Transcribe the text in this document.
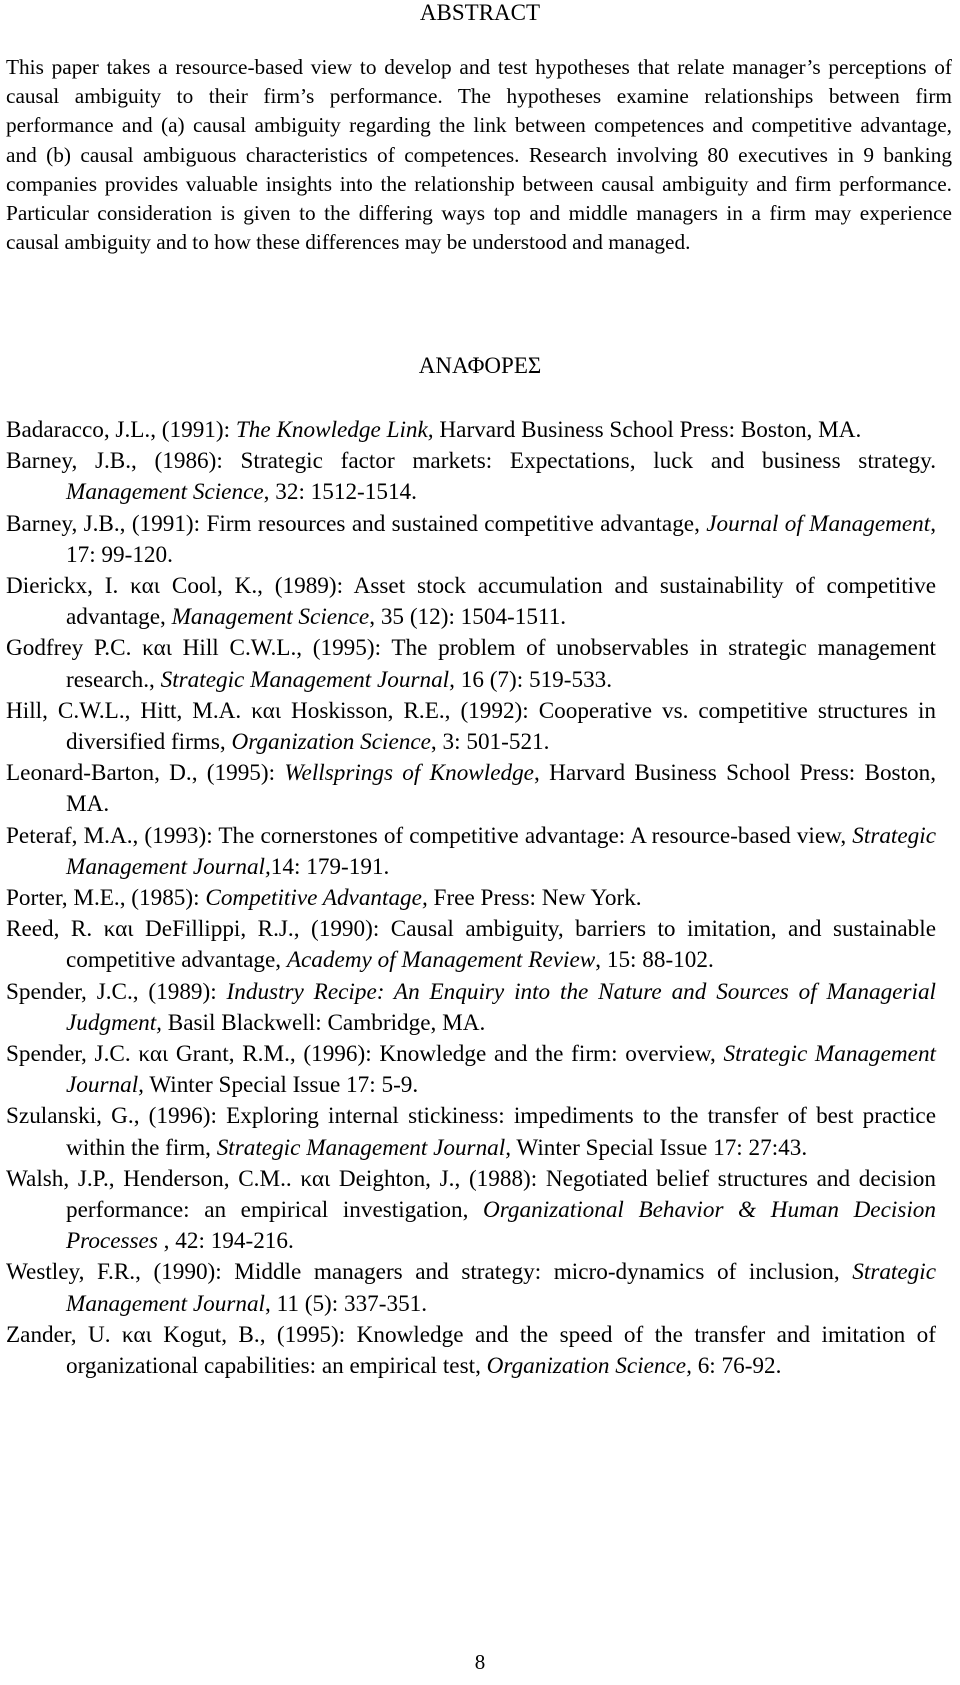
ABSTRACT

This paper takes a resource-based view to develop and test hypotheses that relate manager’s perceptions of causal ambiguity to their firm’s performance. The hypotheses examine relationships between firm performance and (a) causal ambiguity regarding the link between competences and competitive advantage, and (b) causal ambiguous characteristics of competences. Research involving 80 executives in 9 banking companies provides valuable insights into the relationship between causal ambiguity and firm performance. Particular consideration is given to the differing ways top and middle managers in a firm may experience causal ambiguity and to how these differences may be understood and managed.

ΑΝΑΦΟΡΕΣ
Badaracco, J.L., (1991): The Knowledge Link, Harvard Business School Press: Boston, MA.
Barney, J.B., (1986): Strategic factor markets: Expectations, luck and business strategy. Management Science, 32: 1512-1514.
Barney, J.B., (1991): Firm resources and sustained competitive advantage, Journal of Management, 17: 99-120.
Dierickx, I. και Cool, K., (1989): Asset stock accumulation and sustainability of competitive advantage, Management Science, 35 (12): 1504-1511.
Godfrey P.C. και Hill C.W.L., (1995): The problem of unobservables in strategic management research., Strategic Management Journal, 16 (7): 519-533.
Hill, C.W.L., Hitt, M.A. και Hoskisson, R.E., (1992): Cooperative vs. competitive structures in diversified firms, Organization Science, 3: 501-521.
Leonard-Barton, D., (1995): Wellsprings of Knowledge, Harvard Business School Press: Boston, MA.
Peteraf, M.A., (1993): The cornerstones of competitive advantage: A resource-based view, Strategic Management Journal,14: 179-191.
Porter, M.E., (1985): Competitive Advantage, Free Press: New York.
Reed, R. και DeFillippi, R.J., (1990): Causal ambiguity, barriers to imitation, and sustainable competitive advantage, Academy of Management Review, 15: 88-102.
Spender, J.C., (1989): Industry Recipe: An Enquiry into the Nature and Sources of Managerial Judgment, Basil Blackwell: Cambridge, MA.
Spender, J.C. και Grant, R.M., (1996): Knowledge and the firm: overview, Strategic Management Journal, Winter Special Issue 17: 5-9.
Szulanski, G., (1996): Exploring internal stickiness: impediments to the transfer of best practice within the firm, Strategic Management Journal, Winter Special Issue 17: 27:43.
Walsh, J.P., Henderson, C.M.. και Deighton, J., (1988): Negotiated belief structures and decision performance: an empirical investigation, Organizational Behavior & Human Decision Processes , 42: 194-216.
Westley, F.R., (1990): Middle managers and strategy: micro-dynamics of inclusion, Strategic Management Journal, 11 (5): 337-351.
Zander, U. και Kogut, B., (1995): Knowledge and the speed of the transfer and imitation of organizational capabilities: an empirical test, Organization Science, 6: 76-92.
8
